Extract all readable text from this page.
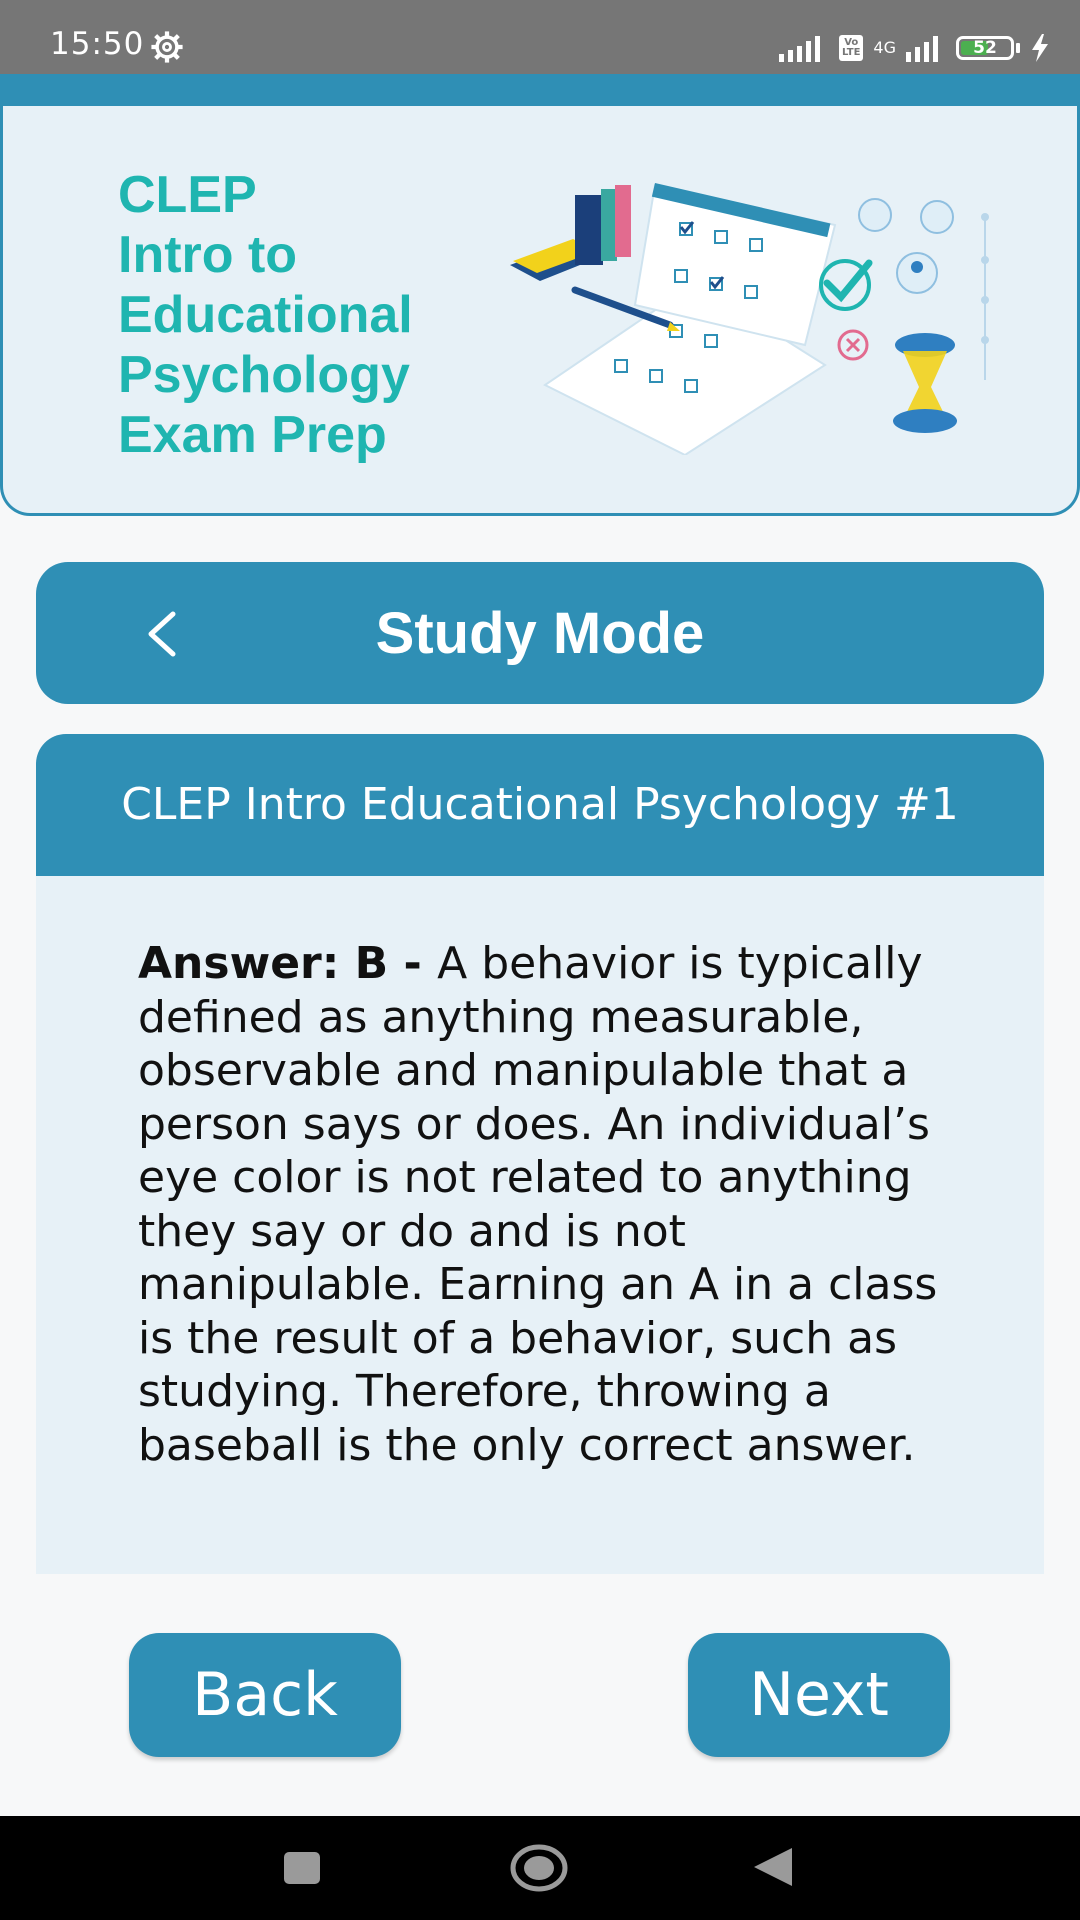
15:50	Vo
LTE 4G	52
CLEP
Intro to
Educational
Psychology
Exam Prep
Study Mode
CLEP Intro Educational Psychology #1
Answer: B - A behavior is typically defined as anything measurable, observable and manipulable that a person says or does. An individual’s eye color is not related to anything they say or do and is not manipulable. Earning an A in a class is the result of a behavior, such as studying. Therefore, throwing a baseball is the only correct answer.
Back	Next
